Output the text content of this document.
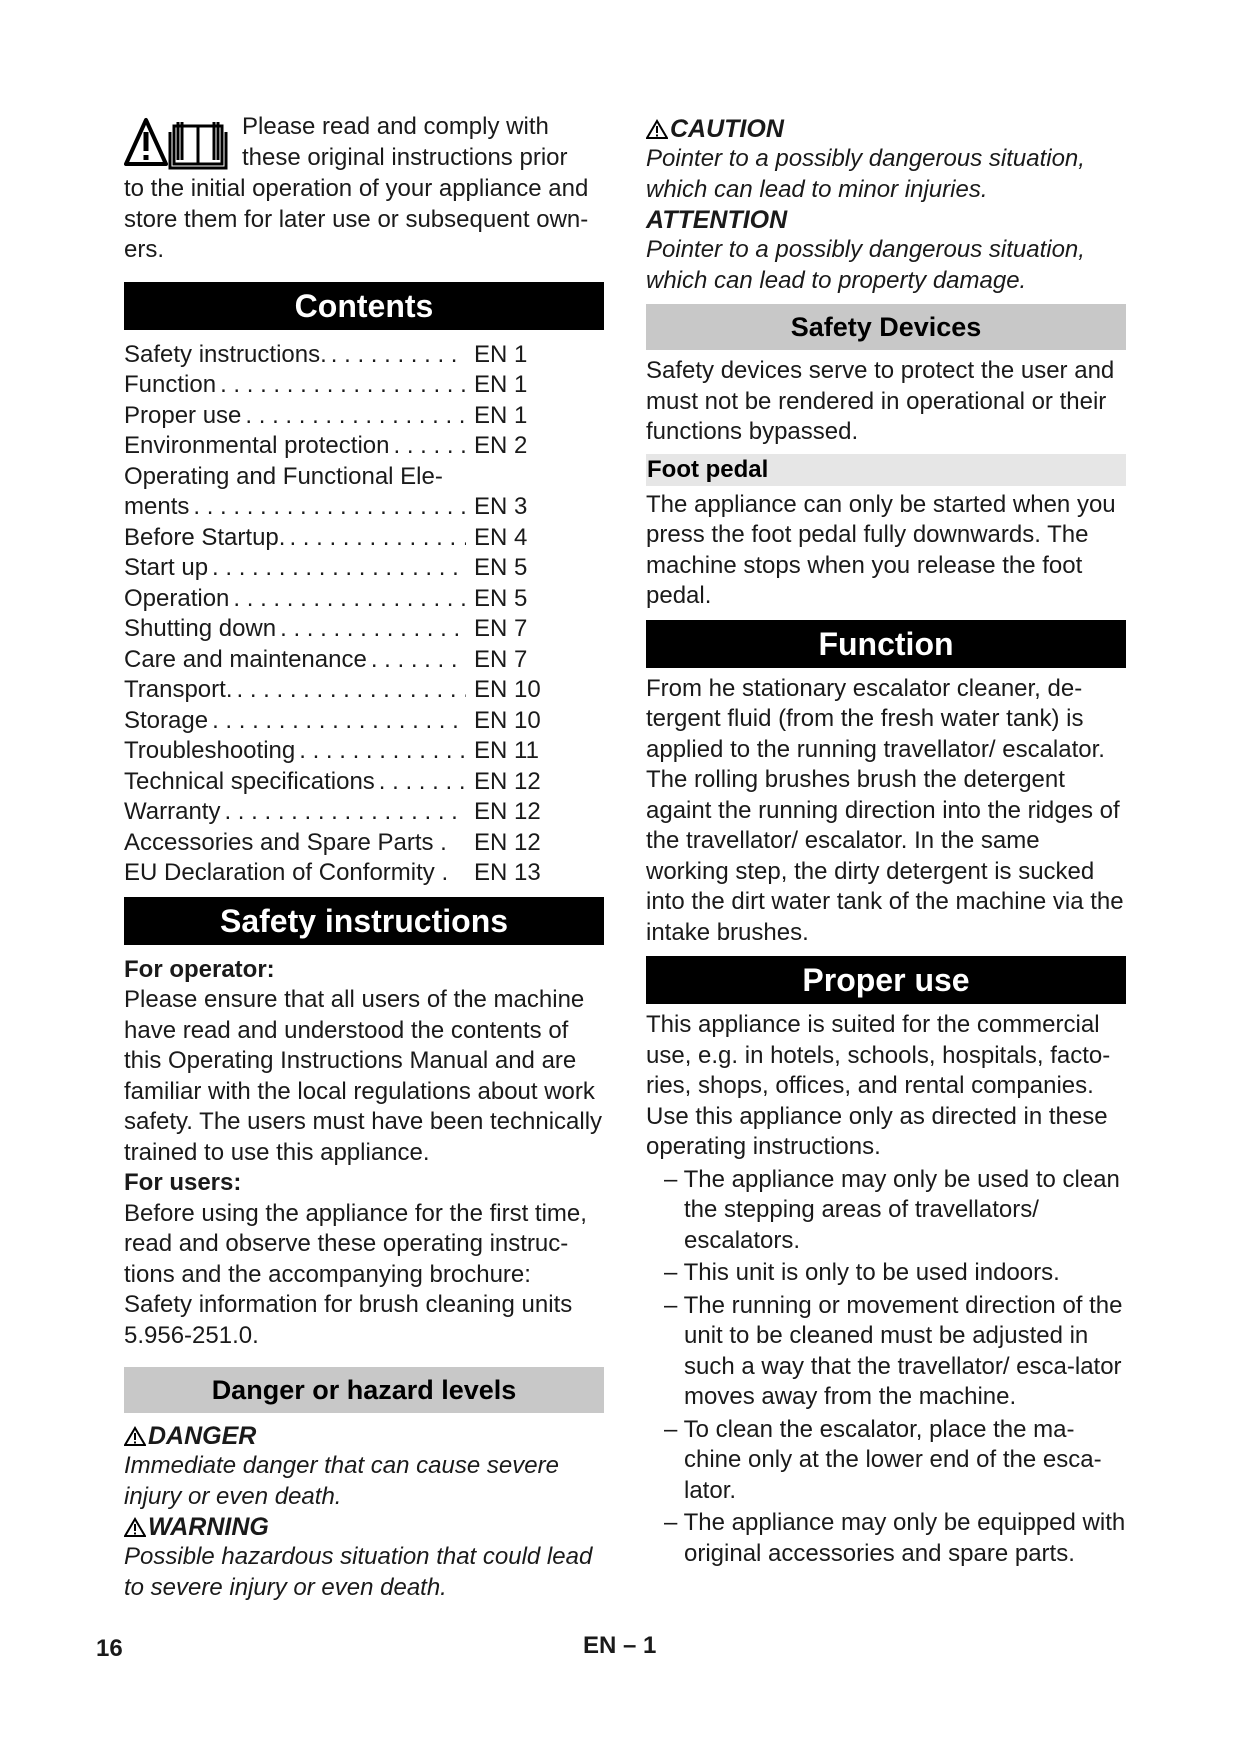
Please read and comply with

these original instructions prior

to the initial operation of your appliance and store them for later use or subsequent own-ers.

Contents
Safety instructions. . . .	EN 1
Function . . .	EN 1
Proper use . . .	EN 1
Environmental protection . . .	EN 2
Operating and Functional Ele-
ments . . .	EN 3
Before Startup. . . .	EN 4
Start up . . .	EN 5
Operation . . .	EN 5
Shutting down . . .	EN 7
Care and maintenance . . .	EN 7
Transport. . . .	EN 10
Storage . . .	EN 10
Troubleshooting . . .	EN 11
Technical specifications . . .	EN 12
Warranty . . .	EN 12
Accessories and Spare Parts .	EN 12
EU Declaration of Conformity .	EN 13
Safety instructions

For operator:

Please ensure that all users of the machine have read and understood the contents of this Operating Instructions Manual and are familiar with the local regulations about work safety. The users must have been technically trained to use this appliance.

For users:

Before using the appliance for the first time, read and observe these operating instruc-tions and the accompanying brochure: Safety information for brush cleaning units 5.956-251.0.

Danger or hazard levels
DANGER

Immediate danger that can cause severe injury or even death.

WARNING

Possible hazardous situation that could lead to severe injury or even death.

CAUTION

Pointer to a possibly dangerous situation, which can lead to minor injuries.

ATTENTION

Pointer to a possibly dangerous situation, which can lead to property damage.

Safety Devices

Safety devices serve to protect the user and must not be rendered in operational or their functions bypassed.

Foot pedal

The appliance can only be started when you press the foot pedal fully downwards. The machine stops when you release the foot pedal.

Function

From he stationary escalator cleaner, de-tergent fluid (from the fresh water tank) is applied to the running travellator/ escalator. The rolling brushes brush the detergent againt the running direction into the ridges of the travellator/ escalator. In the same working step, the dirty detergent is sucked into the dirt water tank of the machine via the intake brushes.

Proper use

This appliance is suited for the commercial use, e.g. in hotels, schools, hospitals, facto-ries, shops, offices, and rental companies. Use this appliance only as directed in these operating instructions.

– The appliance may only be used to clean the stepping areas of travellators/ escalators.
– This unit is only to be used indoors.
– The running or movement direction of the unit to be cleaned must be adjusted in such a way that the travellator/ esca-lator moves away from the machine.
– To clean the escalator, place the ma-chine only at the lower end of the esca-lator.
– The appliance may only be equipped with original accessories and spare parts.
16	EN – 1
